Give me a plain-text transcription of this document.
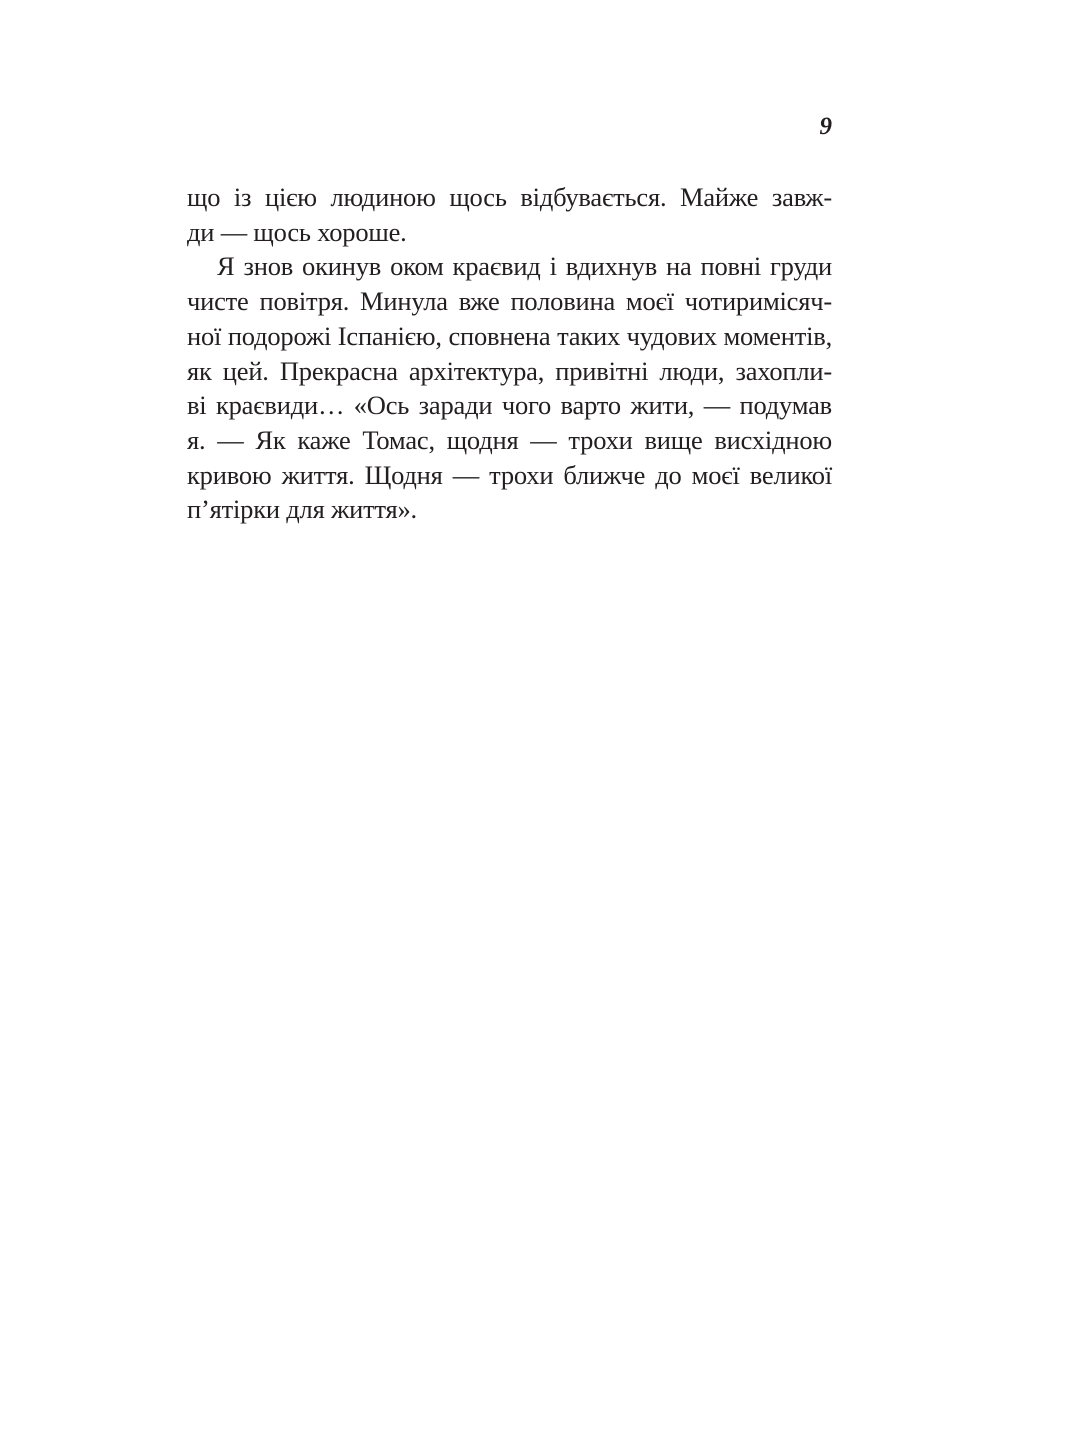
9

що із цією людиною щось відбувається. Майже завж-
ди — щось хороше.

Я знов окинув оком краєвид і вдихнув на повні груди
чисте повітря. Минула вже половина моєї чотиримісяч-
ної подорожі Іспанією, сповнена таких чудових моментів,
як цей. Прекрасна архітектура, привітні люди, захопли-
ві краєвиди… «Ось заради чого варто жити, — подумав
я. — Як каже Томас, щодня — трохи вище висхідною
кривою життя. Щодня — трохи ближче до моєї великої
п’ятірки для життя».
